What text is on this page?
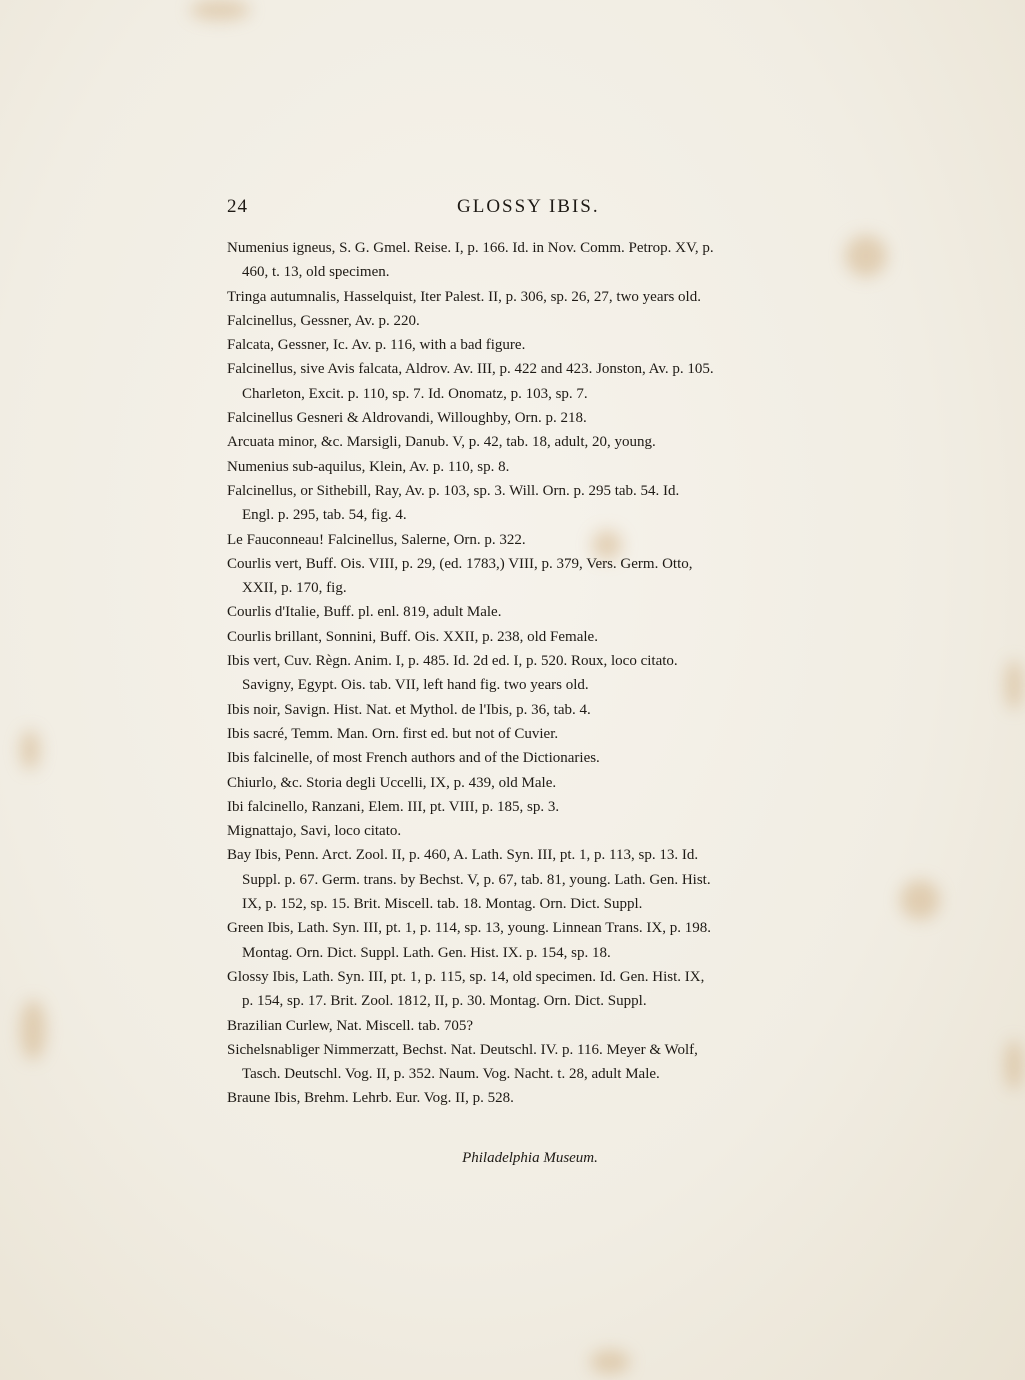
24	GLOSSY IBIS.
Numenius igneus, S. G. Gmel. Reise. I, p. 166. Id. in Nov. Comm. Petrop. XV, p.
460, t. 13, old specimen.
Tringa autumnalis, Hasselquist, Iter Palest. II, p. 306, sp. 26, 27, two years old.
Falcinellus, Gessner, Av. p. 220.
Falcata, Gessner, Ic. Av. p. 116, with a bad figure.
Falcinellus, sive Avis falcata, Aldrov. Av. III, p. 422 and 423. Jonston, Av. p. 105.
Charleton, Excit. p. 110, sp. 7. Id. Onomatz, p. 103, sp. 7.
Falcinellus Gesneri & Aldrovandi, Willoughby, Orn. p. 218.
Arcuata minor, &c. Marsigli, Danub. V, p. 42, tab. 18, adult, 20, young.
Numenius sub-aquilus, Klein, Av. p. 110, sp. 8.
Falcinellus, or Sithebill, Ray, Av. p. 103, sp. 3. Will. Orn. p. 295 tab. 54. Id.
Engl. p. 295, tab. 54, fig. 4.
Le Fauconneau! Falcinellus, Salerne, Orn. p. 322.
Courlis vert, Buff. Ois. VIII, p. 29, (ed. 1783,) VIII, p. 379, Vers. Germ. Otto,
XXII, p. 170, fig.
Courlis d'Italie, Buff. pl. enl. 819, adult Male.
Courlis brillant, Sonnini, Buff. Ois. XXII, p. 238, old Female.
Ibis vert, Cuv. Règn. Anim. I, p. 485. Id. 2d ed. I, p. 520. Roux, loco citato.
Savigny, Egypt. Ois. tab. VII, left hand fig. two years old.
Ibis noir, Savign. Hist. Nat. et Mythol. de l'Ibis, p. 36, tab. 4.
Ibis sacré, Temm. Man. Orn. first ed. but not of Cuvier.
Ibis falcinelle, of most French authors and of the Dictionaries.
Chiurlo, &c. Storia degli Uccelli, IX, p. 439, old Male.
Ibi falcinello, Ranzani, Elem. III, pt. VIII, p. 185, sp. 3.
Mignattajo, Savi, loco citato.
Bay Ibis, Penn. Arct. Zool. II, p. 460, A. Lath. Syn. III, pt. 1, p. 113, sp. 13. Id.
Suppl. p. 67. Germ. trans. by Bechst. V, p. 67, tab. 81, young. Lath. Gen. Hist.
IX, p. 152, sp. 15. Brit. Miscell. tab. 18. Montag. Orn. Dict. Suppl.
Green Ibis, Lath. Syn. III, pt. 1, p. 114, sp. 13, young. Linnean Trans. IX, p. 198.
Montag. Orn. Dict. Suppl. Lath. Gen. Hist. IX. p. 154, sp. 18.
Glossy Ibis, Lath. Syn. III, pt. 1, p. 115, sp. 14, old specimen. Id. Gen. Hist. IX,
p. 154, sp. 17. Brit. Zool. 1812, II, p. 30. Montag. Orn. Dict. Suppl.
Brazilian Curlew, Nat. Miscell. tab. 705?
Sichelsnabliger Nimmerzatt, Bechst. Nat. Deutschl. IV. p. 116. Meyer & Wolf,
Tasch. Deutschl. Vog. II, p. 352. Naum. Vog. Nacht. t. 28, adult Male.
Braune Ibis, Brehm. Lehrb. Eur. Vog. II, p. 528.
Philadelphia Museum.
